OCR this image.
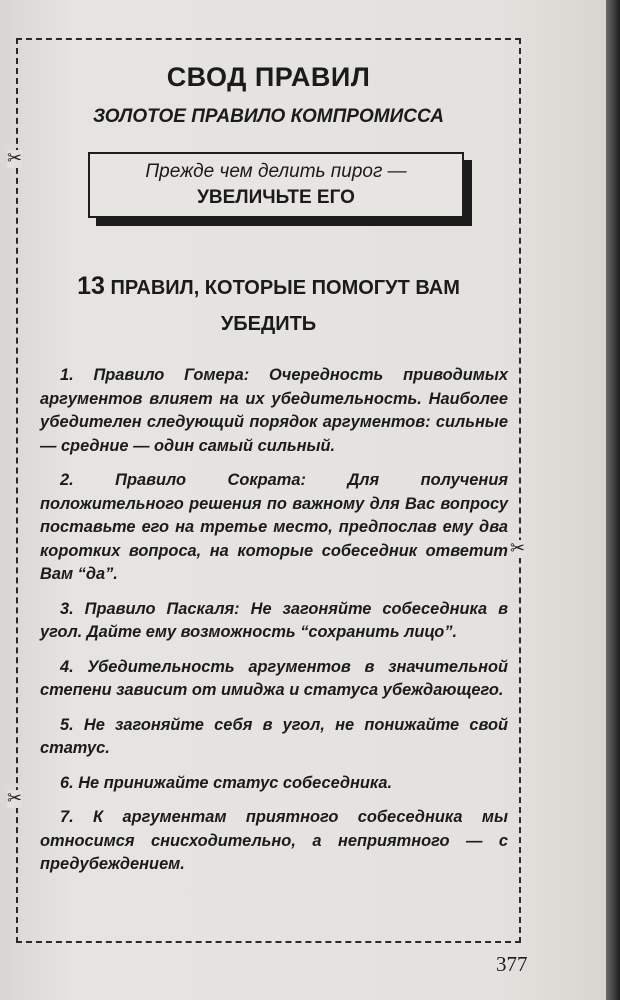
✂
✂
✂
СВОД ПРАВИЛ
ЗОЛОТОЕ ПРАВИЛО КОМПРОМИССА
Прежде чем делить пирог —
УВЕЛИЧЬТЕ ЕГО
13 ПРАВИЛ, КОТОРЫЕ ПОМОГУТ ВАМ
УБЕДИТЬ

1. Правило Гомера: Очередность приводимых аргументов влияет на их убедительность. Наиболее убедителен следующий порядок аргументов: сильные — средние — один самый сильный.

2. Правило Сократа: Для получения положительного решения по важному для Вас вопросу поставьте его на третье место, предпослав ему два коротких вопроса, на которые собеседник ответит Вам “да”.

3. Правило Паскаля: Не загоняйте собеседника в угол. Дайте ему возможность “сохранить лицо”.

4. Убедительность аргументов в значительной степени зависит от имиджа и статуса убеждающего.

5. Не загоняйте себя в угол, не понижайте свой статус.

6. Не принижайте статус собеседника.

7. К аргументам приятного собеседника мы относимся снисходительно, а неприятного — с предубеждением.

377
